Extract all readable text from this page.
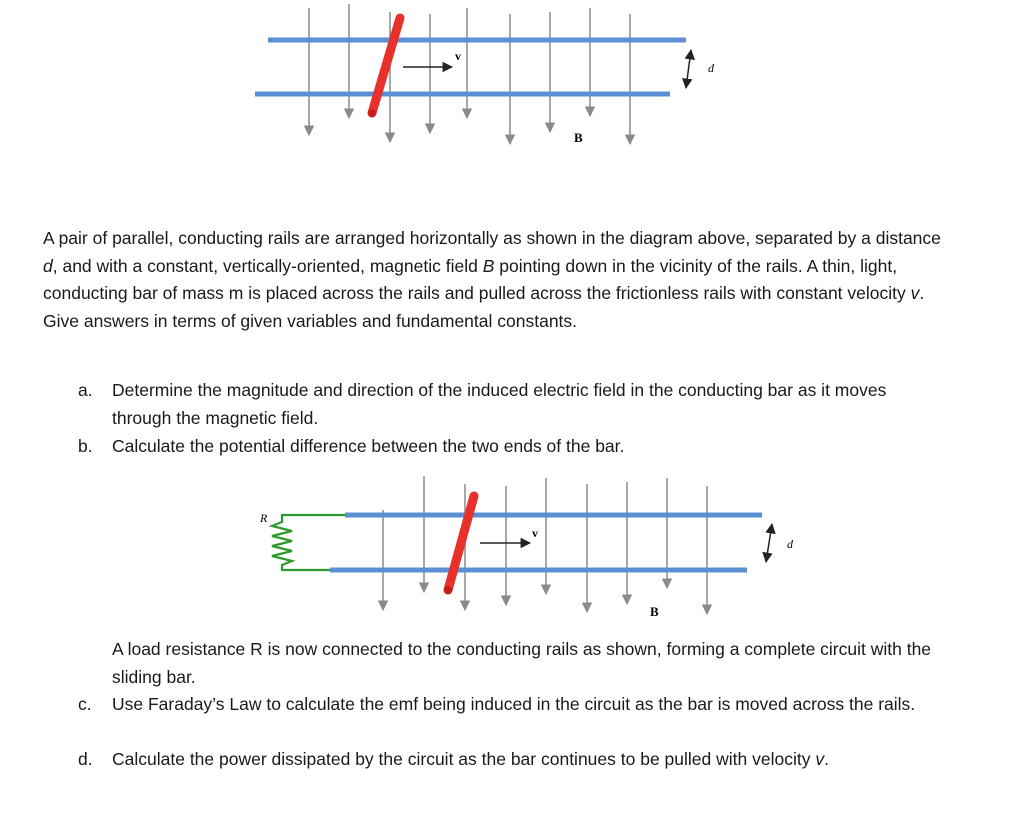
v
d
B

A pair of parallel, conducting rails are arranged horizontally as shown in the diagram above, separated by a distance d, and with a constant, vertically-oriented, magnetic field B pointing down in the vicinity of the rails. A thin, light, conducting bar of mass m is placed across the rails and pulled across the frictionless rails with constant velocity v. Give answers in terms of given variables and fundamental constants.

a.	Determine the magnitude and direction of the induced electric field in the conducting bar as it moves through the magnetic field.
b.	Calculate the potential difference between the two ends of the bar.
R
v
d
B
A load resistance R is now connected to the conducting rails as shown, forming a complete circuit with the sliding bar.
c.	Use Faraday’s Law to calculate the emf being induced in the circuit as the bar is moved across the rails.
d.	Calculate the power dissipated by the circuit as the bar continues to be pulled with velocity v.
